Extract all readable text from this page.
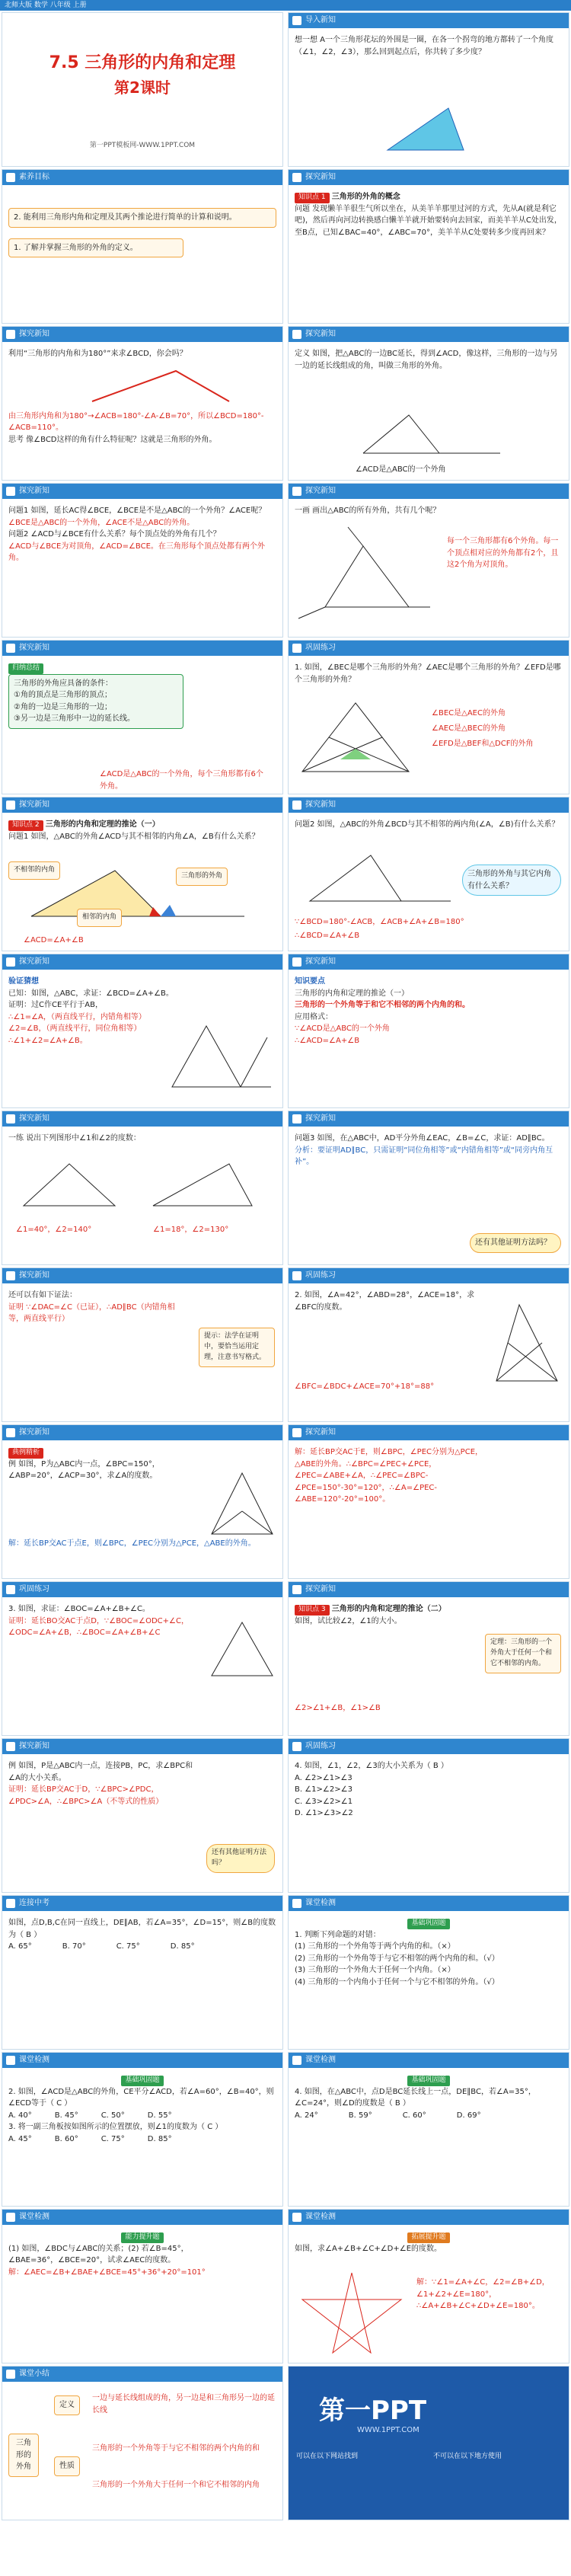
北师大版 数学 八年级 上册
7.5 三角形的内角和定理
第2课时
第一PPT模板网-WWW.1PPT.COM
导入新知
想一想 A一个三角形花坛的外围是一圈，在各一个拐弯的地方都转了一个角度（∠1，∠2，∠3），那么回到起点后，你共转了多少度？
素养目标
2. 能利用三角形内角和定理及其两个推论进行简单的计算和说明。
1. 了解并掌握三角形的外角的定义。
探究新知
知识点 1 三角形的外角的概念
问题 发现懒羊羊很生气所以坐在，从美羊羊那里过河的方式，先从A(就是利它吧)，然后再向河边转换感白懒羊羊就开始要转向去回家，而美羊羊从C处出发，至B点，已知∠BAC=40°，∠ABC=70°，美羊羊从C处要转多少度再回来？
探究新知
利用“三角形的内角和为180°”来求∠BCD，你会吗？
由三角形内角和为180°→∠ACB=180°-∠A-∠B=70°，所以∠BCD=180°-∠ACB=110°。
思考 像∠BCD这样的角有什么特征呢？这就是三角形的外角。
探究新知
定义 如图，把△ABC的一边BC延长，得到∠ACD，像这样，三角形的一边与另一边的延长线组成的角，叫做三角形的外角。
∠ACD是△ABC的一个外角
探究新知
问题1 如图，延长AC得∠BCE，∠BCE是不是△ABC的一个外角？∠ACE呢？
∠BCE是△ABC的一个外角，∠ACE不是△ABC的外角。
问题2 ∠ACD与∠BCE有什么关系？每个顶点处的外角有几个？
∠ACD与∠BCE为对顶角，∠ACD=∠BCE。在三角形每个顶点处都有两个外角。
探究新知
一画 画出△ABC的所有外角，共有几个呢？
每一个三角形都有6个外角。每一个顶点相对应的外角都有2个，且这2个角为对顶角。
探究新知
归纳总结
三角形的外角应具备的条件：
①角的顶点是三角形的顶点；
②角的一边是三角形的一边；
③另一边是三角形中一边的延长线。
∠ACD是△ABC的一个外角，每个三角形都有6个外角。
巩固练习
1. 如图，∠BEC是哪个三角形的外角？∠AEC是哪个三角形的外角？∠EFD是哪个三角形的外角？
∠BEC是△AEC的外角
∠AEC是△BEC的外角
∠EFD是△BEF和△DCF的外角
探究新知
知识点 2 三角形的内角和定理的推论（一）
问题1 如图，△ABC的外角∠ACD与其不相邻的内角∠A，∠B有什么关系？
不相邻的内角
三角形的外角
相邻的内角
∠ACD=∠A+∠B
探究新知
问题2 如图，△ABC的外角∠BCD与其不相邻的两内角(∠A，∠B)有什么关系？
三角形的外角与其它内角有什么关系？
∵∠BCD=180°-∠ACB，∠ACB+∠A+∠B=180°
∴∠BCD=∠A+∠B
探究新知
验证猜想
已知：如图，△ABC，求证：∠BCD=∠A+∠B。
证明：过C作CE平行于AB，
∴∠1=∠A，（两直线平行，内错角相等）
∠2=∠B，（两直线平行，同位角相等）
∴∠1+∠2=∠A+∠B。
探究新知
知识要点
三角形的内角和定理的推论（一）
三角形的一个外角等于和它不相邻的两个内角的和。
应用格式：
∵∠ACD是△ABC的一个外角
∴∠ACD=∠A+∠B
探究新知
一练 说出下列图形中∠1和∠2的度数：
∠1=40°，∠2=140°	∠1=18°，∠2=130°
探究新知
问题3 如图，在△ABC中，AD平分外角∠EAC，∠B=∠C，求证：AD∥BC。
分析：要证明AD∥BC，只需证明“同位角相等”或“内错角相等”或“同旁内角互补”。
还有其他证明方法吗？
探究新知
还可以有如下证法：
证明 ∵∠DAC=∠C（已证），∴AD∥BC（内错角相等，两直线平行）
提示：法学在证明中，要恰当运用定理，注意书写格式。
巩固练习
2. 如图，∠A=42°，∠ABD=28°，∠ACE=18°，求∠BFC的度数。
∠BFC=∠BDC+∠ACE=70°+18°=88°
探究新知
典例精析
例 如图，P为△ABC内一点，∠BPC=150°，∠ABP=20°，∠ACP=30°，求∠A的度数。
解：延长BP交AC于点E，则∠BPC，∠PEC分别为△PCE，△ABE的外角。
探究新知
解：延长BP交AC于E，则∠BPC，∠PEC分别为△PCE，△ABE的外角。∴∠BPC=∠PEC+∠PCE，∠PEC=∠ABE+∠A，∴∠PEC=∠BPC-∠PCE=150°-30°=120°，∴∠A=∠PEC-∠ABE=120°-20°=100°。
巩固练习
3. 如图，求证：∠BOC=∠A+∠B+∠C。
证明：延长BO交AC于点D，∵∠BOC=∠ODC+∠C，∠ODC=∠A+∠B，∴∠BOC=∠A+∠B+∠C
探究新知
知识点 3 三角形的内角和定理的推论（二）
如图，试比较∠2，∠1的大小。
定理：三角形的一个外角大于任何一个和它不相邻的内角。
∠2>∠1+∠B，∠1>∠B
探究新知
例 如图，P是△ABC内一点，连接PB，PC，求∠BPC和∠A的大小关系。
证明：延长BP交AC于D，∵∠BPC>∠PDC，∠PDC>∠A，∴∠BPC>∠A（不等式的性质）
还有其他证明方法吗？
巩固练习
4. 如图，∠1，∠2，∠3的大小关系为（ B ）
A. ∠2>∠1>∠3
B. ∠1>∠2>∠3
C. ∠3>∠2>∠1
D. ∠1>∠3>∠2
连接中考
如图，点D,B,C在同一直线上，DE∥AB，若∠A=35°，∠D=15°，则∠B的度数为（ B ）
A. 65°	B. 70°	C. 75°	D. 85°
课堂检测
基础巩固题
1. 判断下列命题的对错：
(1) 三角形的一个外角等于两个内角的和。（×）
(2) 三角形的一个外角等于与它不相邻的两个内角的和。（√）
(3) 三角形的一个外角大于任何一个内角。（×）
(4) 三角形的一个内角小于任何一个与它不相邻的外角。（√）
课堂检测
基础巩固题
2. 如图，∠ACD是△ABC的外角，CE平分∠ACD，若∠A=60°，∠B=40°，则∠ECD等于（ C ）
A. 40°	B. 45°	C. 50°	D. 55°
3. 将一副三角板按如图所示的位置摆放，则∠1的度数为（ C ）
A. 45°	B. 60°	C. 75°	D. 85°
课堂检测
基础巩固题
4. 如图，在△ABC中，点D是BC延长线上一点，DE∥BC，若∠A=35°，∠C=24°，则∠D的度数是（ B ）
A. 24°	B. 59°	C. 60°	D. 69°
课堂检测
能力提升题
(1) 如图，∠BDC与∠ABC的关系；(2) 若∠B=45°，∠BAE=36°，∠BCE=20°，试求∠AEC的度数。
解：∠AEC=∠B+∠BAE+∠BCE=45°+36°+20°=101°
课堂检测
拓展提升题
如图，求∠A+∠B+∠C+∠D+∠E的度数。
解：∵∠1=∠A+∠C，∠2=∠B+∠D，∠1+∠2+∠E=180°，∴∠A+∠B+∠C+∠D+∠E=180°。
课堂小结
三角形的外角
定义
一边与延长线组成的角，另一边是和三角形另一边的延长线
性质
三角形的一个外角等于与它不相邻的两个内角的和
三角形的一个外角大于任何一个和它不相邻的内角
第一PPT
WWW.1PPT.COM
可以在以下网站找到	不可以在以下地方使用
